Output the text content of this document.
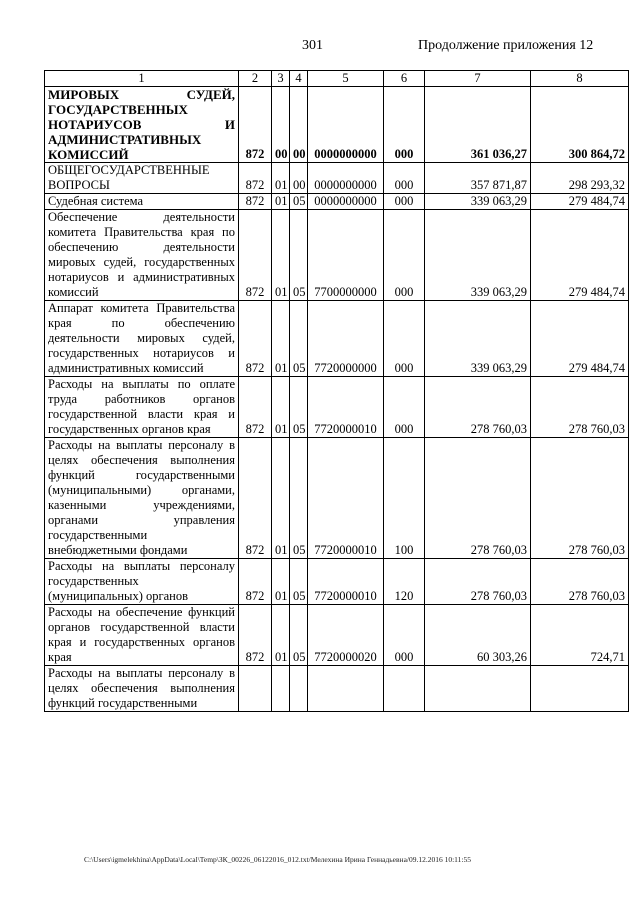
301	Продолжение приложения 12
1	2	3	4	5	6	7	8
МИРОВЫХ СУДЕЙ, ГОСУДАРСТВЕННЫХ НОТАРИУСОВ И АДМИНИСТРАТИВНЫХ КОМИССИЙ	872	00	00	0000000000	000	361 036,27	300 864,72
ОБЩЕГОСУДАРСТВЕННЫЕ ВОПРОСЫ	872	01	00	0000000000	000	357 871,87	298 293,32
Судебная система	872	01	05	0000000000	000	339 063,29	279 484,74
Обеспечение деятельности комитета Правительства края по обеспечению деятельности мировых судей, государственных нотариусов и административных комиссий	872	01	05	7700000000	000	339 063,29	279 484,74
Аппарат комитета Правительства края по обеспечению деятельности мировых судей, государственных нотариусов и административных комиссий	872	01	05	7720000000	000	339 063,29	279 484,74
Расходы на выплаты по оплате труда работников органов государственной власти края и государственных органов края	872	01	05	7720000010	000	278 760,03	278 760,03
Расходы на выплаты персоналу в целях обеспечения выполнения функций государственными (муниципальными) органами, казенными учреждениями, органами управления государственными внебюджетными фондами	872	01	05	7720000010	100	278 760,03	278 760,03
Расходы на выплаты персоналу государственных (муниципальных) органов	872	01	05	7720000010	120	278 760,03	278 760,03
Расходы на обеспечение функций органов государственной власти края и государственных органов края	872	01	05	7720000020	000	60 303,26	724,71
Расходы на выплаты персоналу в целях обеспечения выполнения функций государственными							
C:\Users\igmelekhina\AppData\Local\Temp\ЗК_00226_06122016_012.txt/Мелехина Ирина Геннадьевна/09.12.2016 10:11:55
